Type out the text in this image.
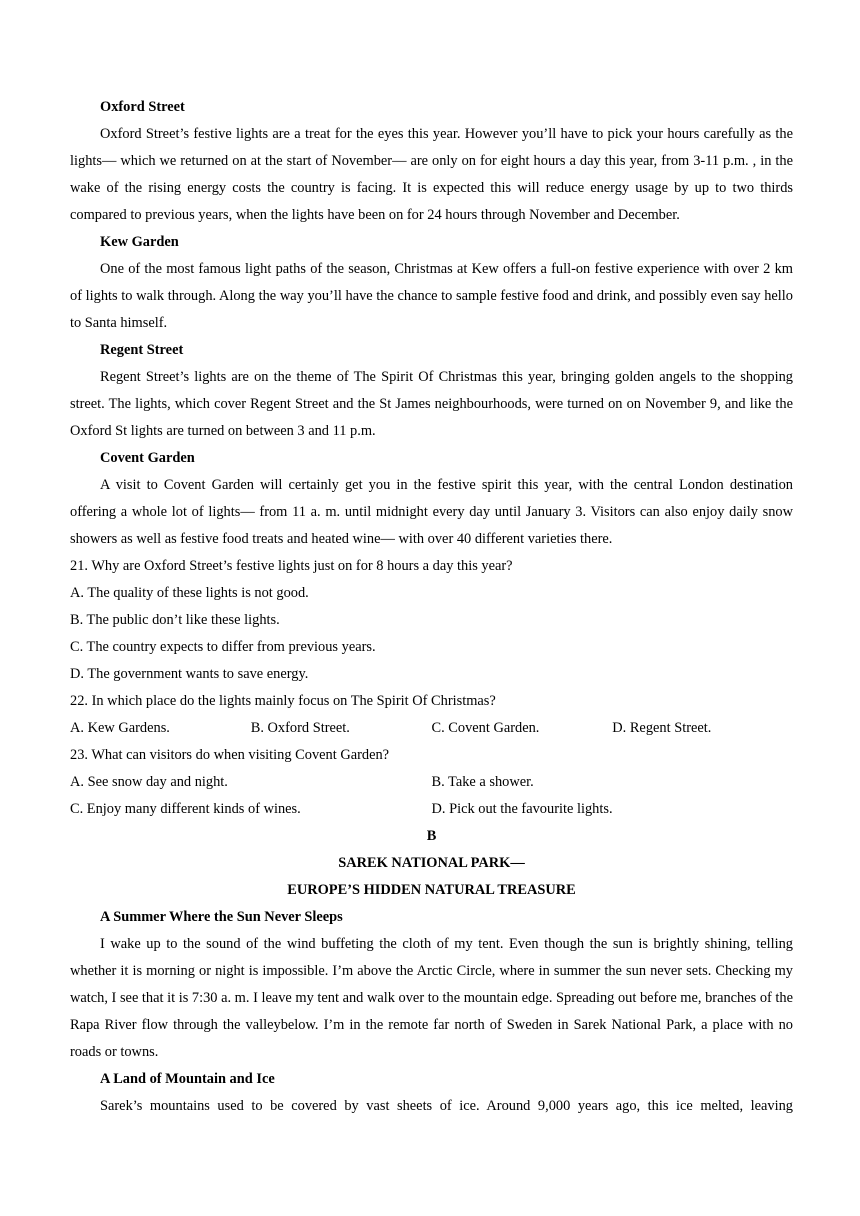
Oxford Street

Oxford Street’s festive lights are a treat for the eyes this year. However you’ll have to pick your hours carefully as the lights— which we returned on at the start of November— are only on for eight hours a day this year, from 3-11 p.m. , in the wake of the rising energy costs the country is facing. It is expected this will reduce energy usage by up to two thirds compared to previous years, when the lights have been on for 24 hours through November and December.

Kew Garden

One of the most famous light paths of the season, Christmas at Kew offers a full-on festive experience with over 2 km of lights to walk through. Along the way you’ll have the chance to sample festive food and drink, and possibly even say hello to Santa himself.

Regent Street

Regent Street’s lights are on the theme of The Spirit Of Christmas this year, bringing golden angels to the shopping street. The lights, which cover Regent Street and the St James neighbourhoods, were turned on on November 9, and like the Oxford St lights are turned on between 3 and 11 p.m.

Covent Garden

A visit to Covent Garden will certainly get you in the festive spirit this year, with the central London destination offering a whole lot of lights— from 11 a. m. until midnight every day until January 3. Visitors can also enjoy daily snow showers as well as festive food treats and heated wine— with over 40 different varieties there.

21. Why are Oxford Street’s festive lights just on for 8 hours a day this year?

A. The quality of these lights is not good.

B. The public don’t like these lights.

C. The country expects to differ from previous years.

D. The government wants to save energy.

22. In which place do the lights mainly focus on The Spirit Of Christmas?

A. Kew Gardens.	B. Oxford Street.	C. Covent Garden.	D. Regent Street.

23. What can visitors do when visiting Covent Garden?

A. See snow day and night.	B. Take a shower.
C. Enjoy many different kinds of wines.	D. Pick out the favourite lights.

B

SAREK NATIONAL PARK—

EUROPE’S HIDDEN NATURAL TREASURE

A Summer Where the Sun Never Sleeps

I wake up to the sound of the wind buffeting the cloth of my tent. Even though the sun is brightly shining, telling whether it is morning or night is impossible. I’m above the Arctic Circle, where in summer the sun never sets. Checking my watch, I see that it is 7:30 a. m. I leave my tent and walk over to the mountain edge. Spreading out before me, branches of the Rapa River flow through the valleybelow. I’m in the remote far north of Sweden in Sarek National Park, a place with no roads or towns.

A Land of Mountain and Ice

Sarek’s mountains used to be covered by vast sheets of ice. Around 9,000 years ago, this ice melted, leaving
